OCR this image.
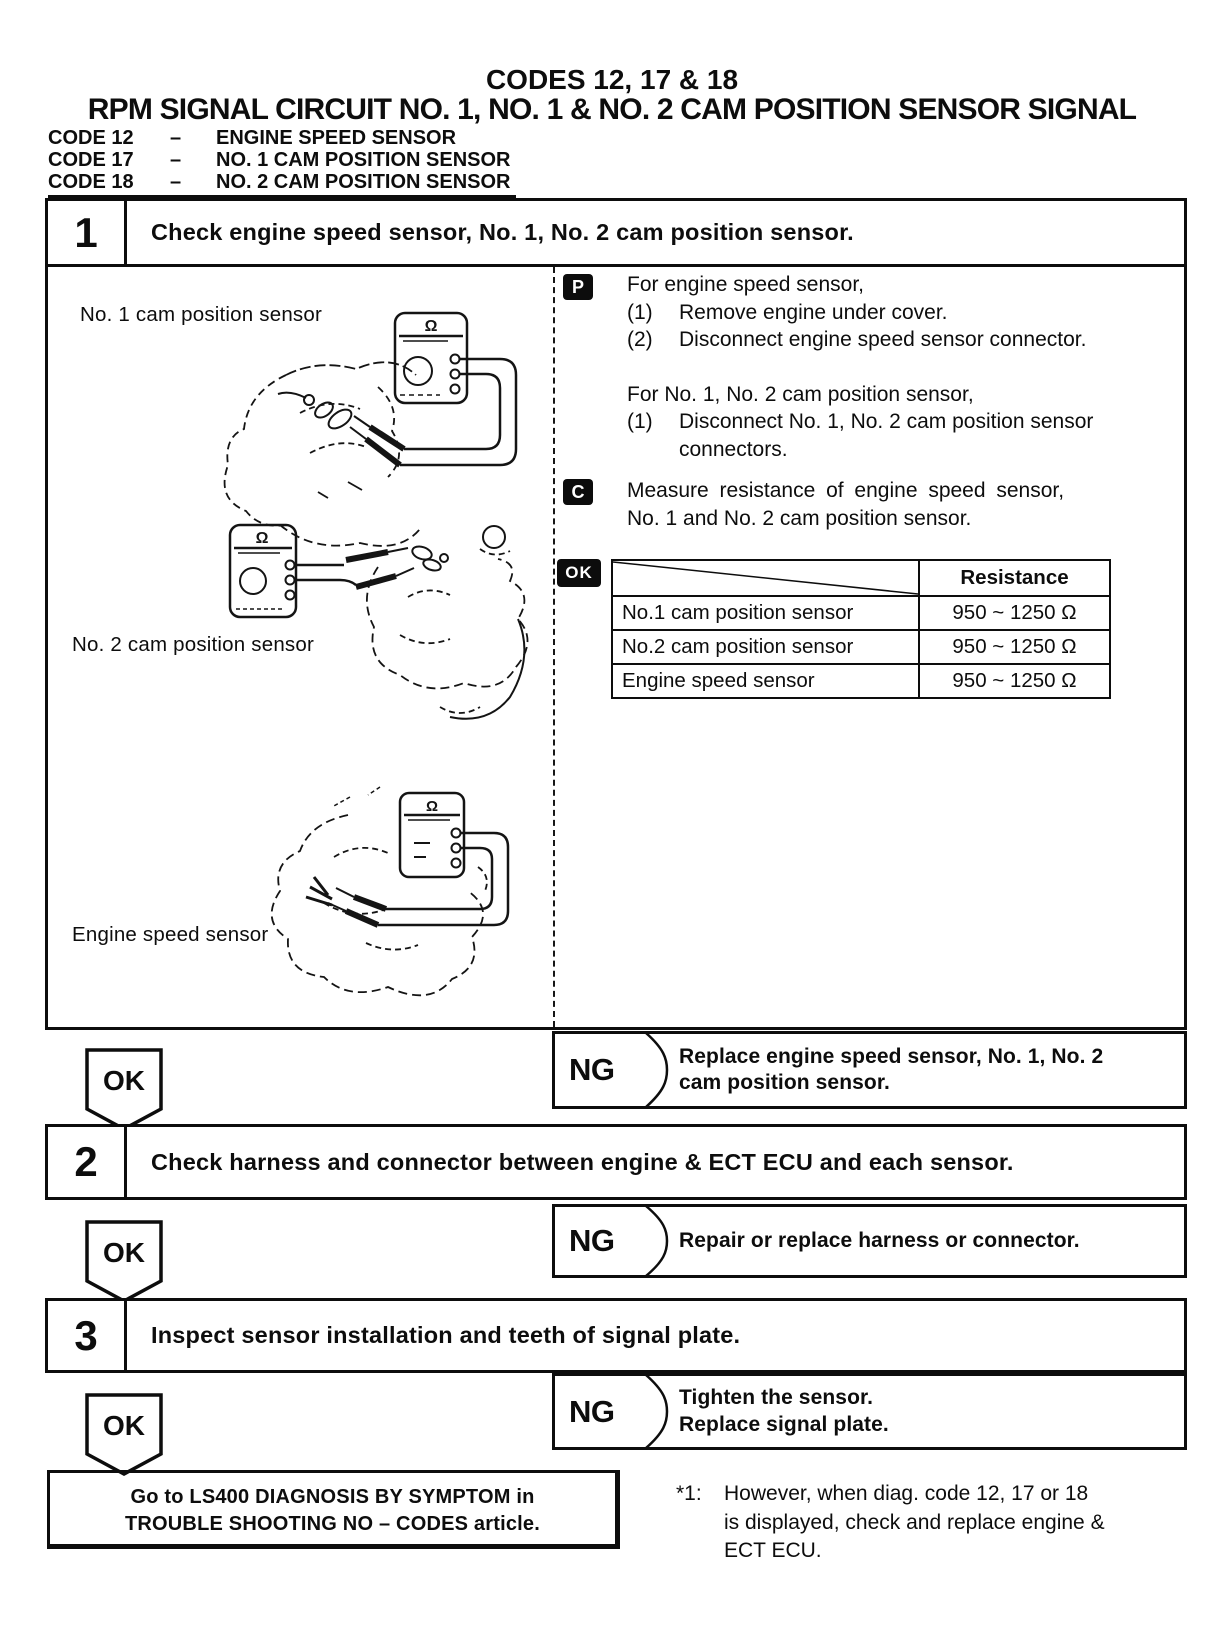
CODES 12, 17 & 18
RPM SIGNAL CIRCUIT NO. 1, NO. 1 & NO. 2 CAM POSITION SENSOR SIGNAL
CODE 12	–	ENGINE SPEED SENSOR
CODE 17	–	NO. 1 CAM POSITION SENSOR
CODE 18	–	NO. 2 CAM POSITION SENSOR
1	Check engine speed sensor, No. 1, No. 2 cam position sensor.
Ω
Ω
Ω
No. 1 cam position sensor
No. 2 cam position sensor
Engine speed sensor
P	For engine speed sensor,
(1)	Remove engine under cover.
(2)	Disconnect engine speed sensor connector.
For No. 1, No. 2 cam position sensor,
(1)	Disconnect No. 1, No. 2 cam position sensor connectors.
C	Measure resistance of engine speed sensor,
No. 1 and No. 2 cam position sensor.
OK	Resistance
No.1 cam position sensor	950 ~ 1250 Ω
No.2 cam position sensor	950 ~ 1250 Ω
Engine speed sensor	950 ~ 1250 Ω
NG	Replace engine speed sensor, No. 1, No. 2
cam position sensor.
OK
2	Check harness and connector between engine & ECT ECU and each sensor.
NG	Repair or replace harness or connector.
OK
3	Inspect sensor installation and teeth of signal plate.
NG	Tighten the sensor.
Replace signal plate.
OK
Go to LS400 DIAGNOSIS BY SYMPTOM in
TROUBLE SHOOTING NO – CODES article.
*1:	However, when diag. code 12, 17 or 18
is displayed, check and replace engine &
ECT ECU.
